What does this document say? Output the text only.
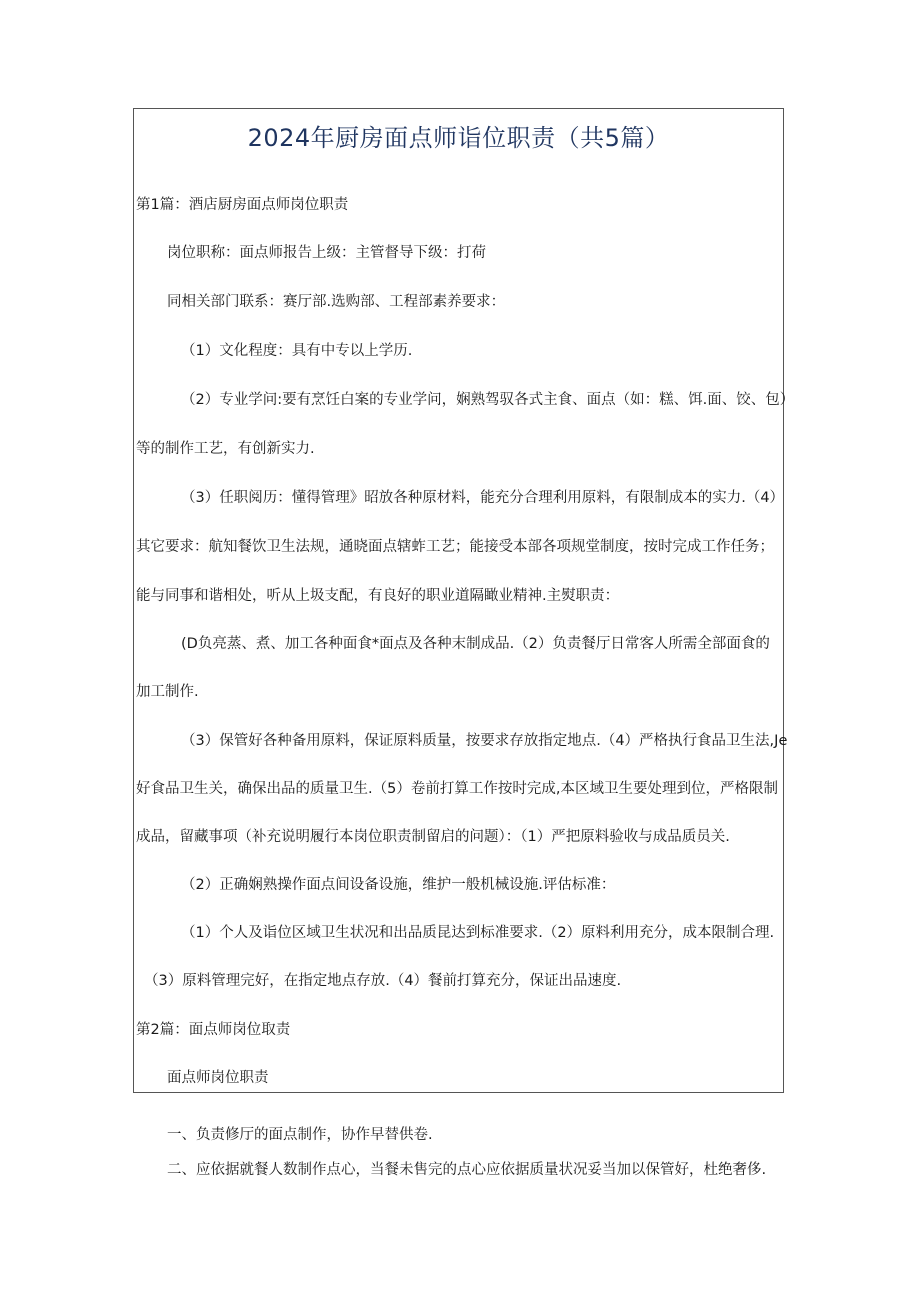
2024年厨房面点师诣位职责（共5篇）
第1篇：酒店厨房面点师岗位职责
岗位职称：面点师报告上级：主管督导下级：打荷
同相关部门联系：赛厅部.选购部、工程部素养要求：
（1）文化程度：具有中专以上学历.
（2）专业学问:要有烹饪白案的专业学问，娴熟驾驭各式主食、面点（如：糕、饵.面、饺、包）
等的制作工艺，有创新实力.
（3）任职阅历：懂得管理》昭放各种原材料，能充分合理利用原料，有限制成本的实力.（4）
其它要求：航知餐饮卫生法规，通晓面点辖蚱工艺；能接受本部各项规堂制度，按时完成工作任务；
能与同事和谐相处，听从上圾支配，有良好的职业道隔瞰业精神.主熨职责：
(D负亮蒸、煮、加工各种面食*面点及各种末制成品.（2）负责餐厅日常客人所需全部面食的
加工制作.
（3）保管好各种备用原料，保证原料质量，按要求存放指定地点.（4）严格执行食品卫生法,Je
好食品卫生关，确保出品的质量卫生.（5）卷前打算工作按时完成,本区域卫生要处理到位，严格限制
成品，留藏事项（补充说明履行本岗位职责制留启的问题）：（1）严把原料验收与成品质员关.
（2）正确娴熟操作面点间设备设施，维护一般机械设施.评估标准：
（1）个人及诣位区域卫生状况和出品质昆达到标准要求.（2）原料利用充分，成本限制合理.
（3）原料管理完好，在指定地点存放.（4）餐前打算充分，保证出品速度.
第2篇：面点师岗位取责
面点师岗位职责
一、负责修厅的面点制作，协作早替供卷.
二、应依据就餐人数制作点心，当餐未售完的点心应依据质量状况妥当加以保管好，杜绝奢侈.
